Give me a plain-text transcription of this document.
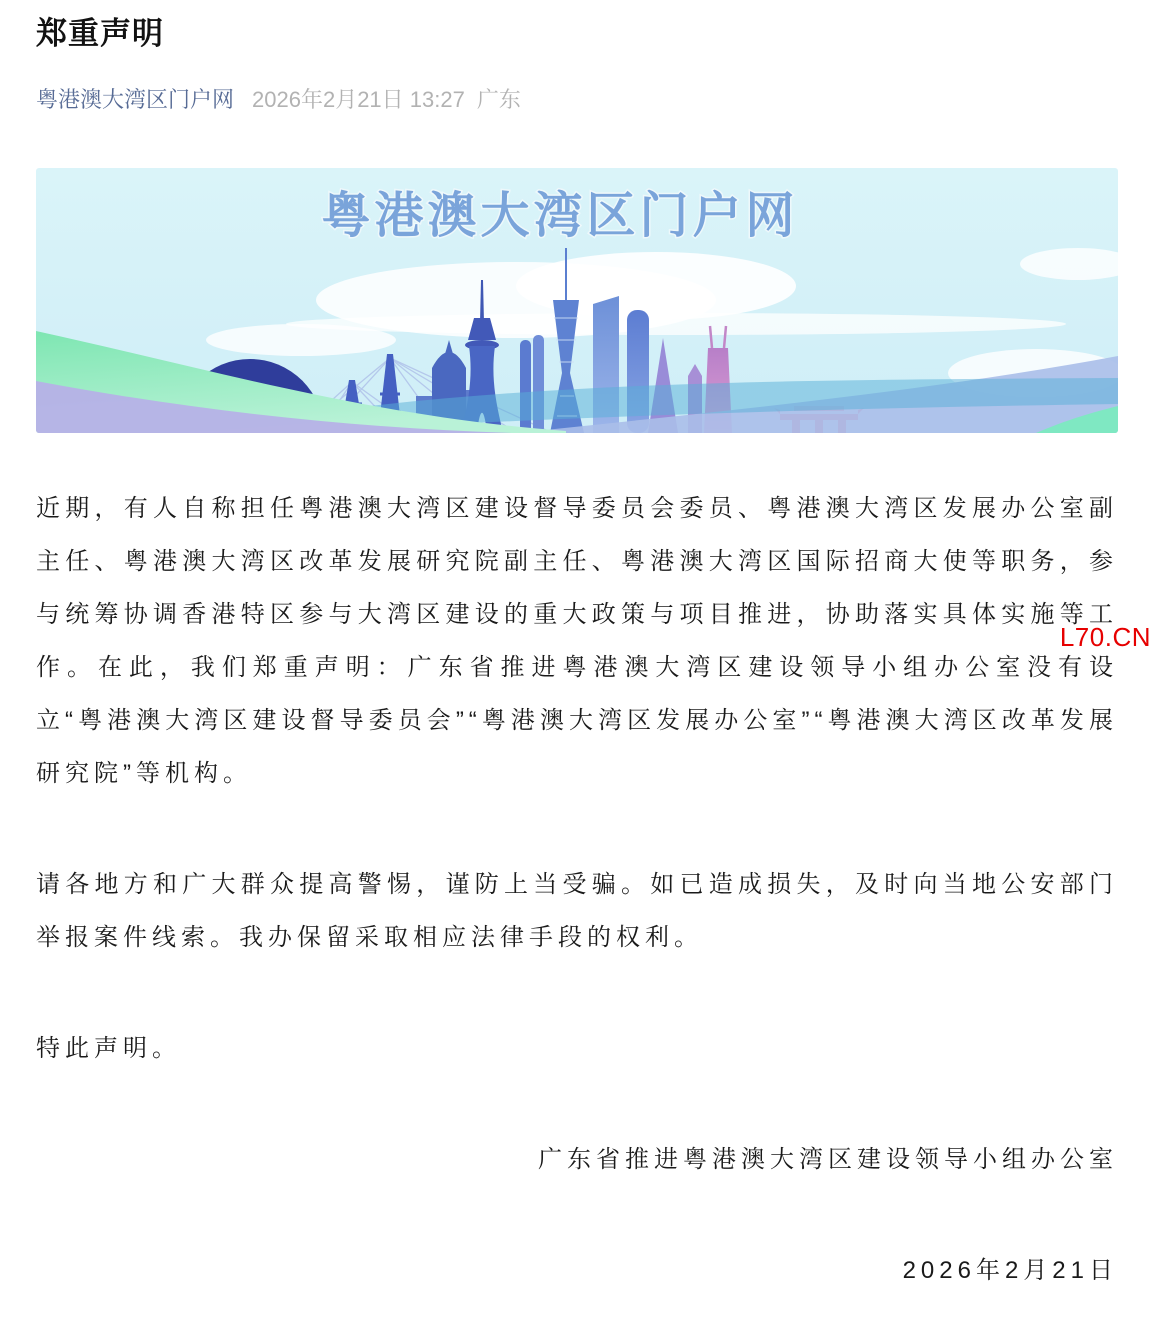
郑重声明
粤港澳大湾区门户网 2026年2月21日 13:27 广东
粤港澳大湾区门户网

近期，有人自称担任粤港澳大湾区建设督导委员会委员、粤港澳大湾区发展办公室副主任、粤港澳大湾区改革发展研究院副主任、粤港澳大湾区国际招商大使等职务，参与统筹协调香港特区参与大湾区建设的重大政策与项目推进，协助落实具体实施等工作。在此，我们郑重声明：广东省推进粤港澳大湾区建设领导小组办公室没有设立“粤港澳大湾区建设督导委员会”“粤港澳大湾区发展办公室”“粤港澳大湾区改革发展研究院”等机构。

请各地方和广大群众提高警惕，谨防上当受骗。如已造成损失，及时向当地公安部门举报案件线索。我办保留采取相应法律手段的权利。

特此声明。

广东省推进粤港澳大湾区建设领导小组办公室

2026年2月21日

L70.CN
